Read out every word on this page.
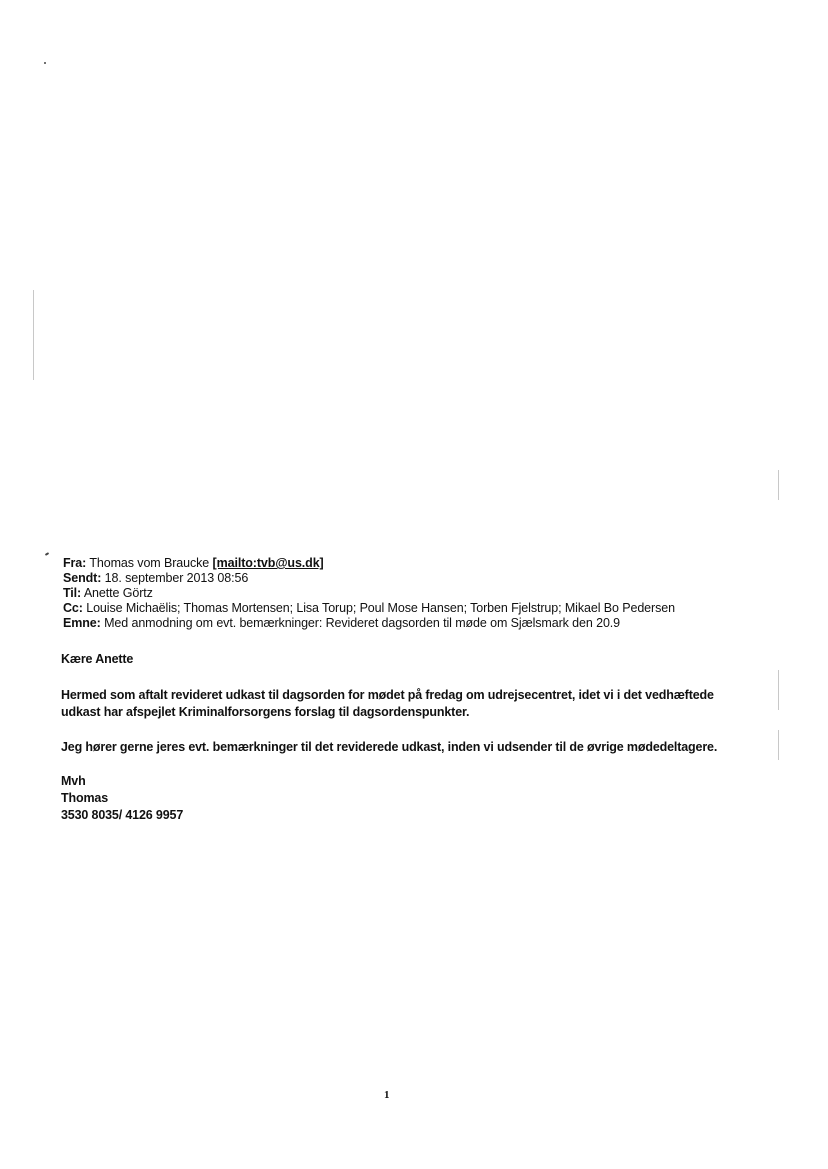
Fra: Thomas vom Braucke [mailto:tvb@us.dk]
Sendt: 18. september 2013 08:56
Til: Anette Görtz
Cc: Louise Michaëlis; Thomas Mortensen; Lisa Torup; Poul Mose Hansen; Torben Fjelstrup; Mikael Bo Pedersen
Emne: Med anmodning om evt. bemærkninger: Revideret dagsorden til møde om Sjælsmark den 20.9
Kære Anette
Hermed som aftalt revideret udkast til dagsorden for mødet på fredag om udrejsecentret, idet vi i det vedhæftede
udkast har afspejlet Kriminalforsorgens forslag til dagsordenspunkter.
Jeg hører gerne jeres evt. bemærkninger til det reviderede udkast, inden vi udsender til de øvrige mødedeltagere.
Mvh
Thomas
3530 8035/ 4126 9957
1
